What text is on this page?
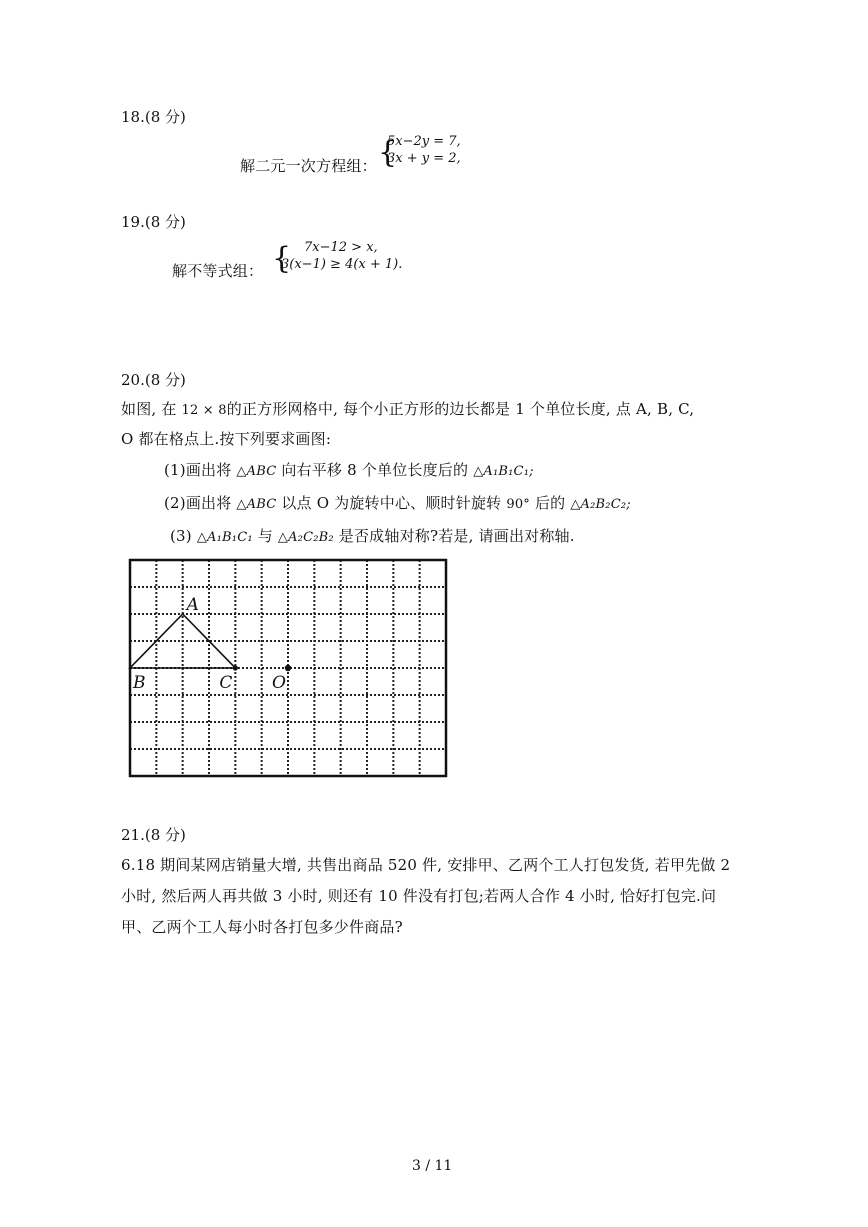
18.(8 分)
解二元一次方程组： {
5x−2y = 7,
3x + y = 2,
19.(8 分)
解不等式组： { 7x−12 > x,
3(x−1) ≥ 4(x + 1).
20.(8 分)
如图, 在 12 × 8的正方形网格中, 每个小正方形的边长都是 1 个单位长度, 点 A, B, C,
O 都在格点上.按下列要求画图:
(1)画出将 △ABC 向右平移 8 个单位长度后的 △A₁B₁C₁;
(2)画出将 △ABC 以点 O 为旋转中心、顺时针旋转 90° 后的 △A₂B₂C₂;
(3) △A₁B₁C₁ 与 △A₂C₂B₂ 是否成轴对称?若是, 请画出对称轴.
A
B	C O
21.(8 分)
6.18 期间某网店销量大增, 共售出商品 520 件, 安排甲、乙两个工人打包发货, 若甲先做 2
小时, 然后两人再共做 3 小时, 则还有 10 件没有打包;若两人合作 4 小时, 恰好打包完.问
甲、乙两个工人每小时各打包多少件商品?
3 / 11
